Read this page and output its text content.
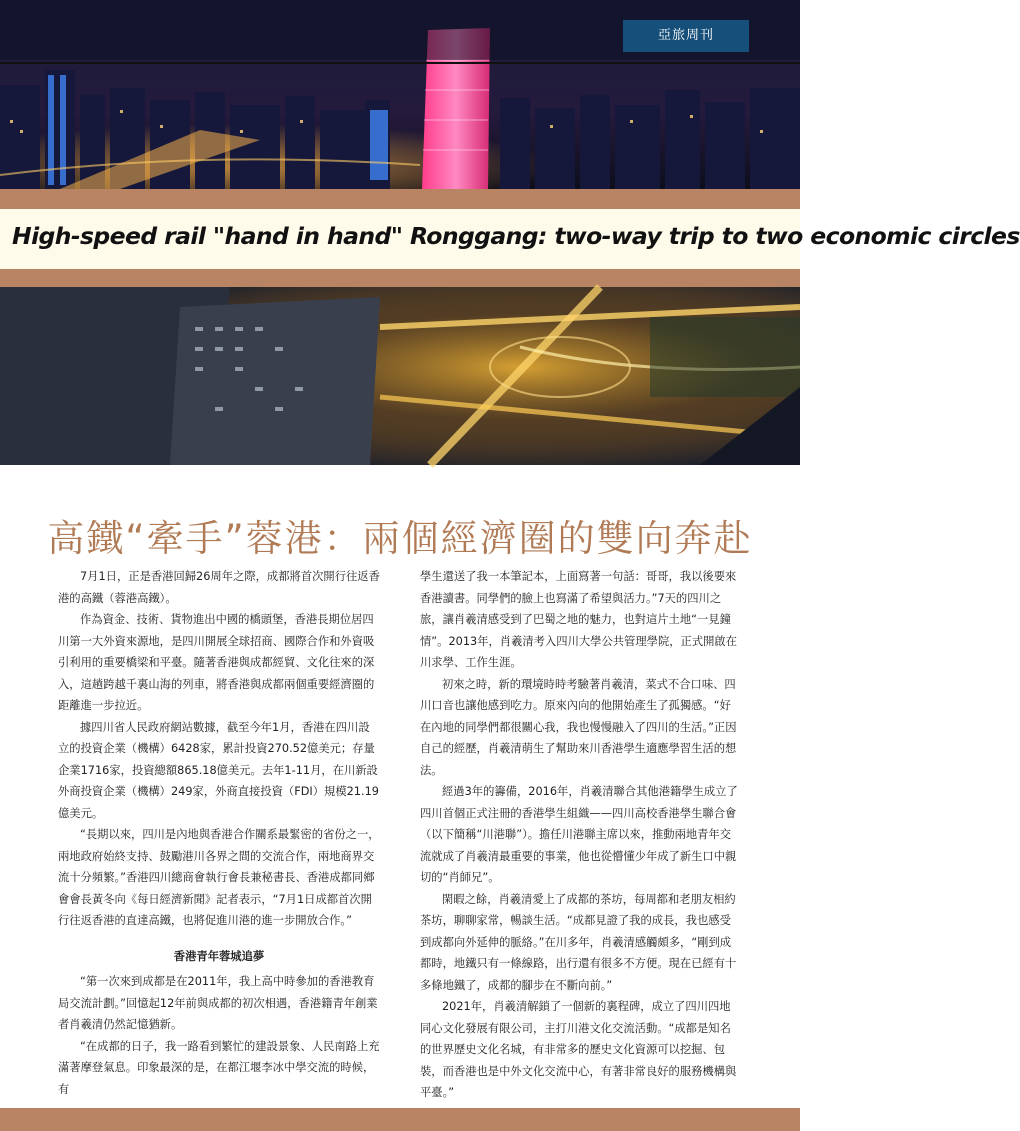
亞旅周刊
High-speed rail "hand in hand" Ronggang: two-way trip to two economic circles
高鐵“牽手”蓉港：兩個經濟圈的雙向奔赴

7月1日，正是香港回歸26周年之際，成都將首次開行往返香港的高鐵（蓉港高鐵）。

作為資金、技術、貨物進出中國的橋頭堡，香港長期位居四川第一大外資來源地，是四川開展全球招商、國際合作和外資吸引利用的重要橋梁和平臺。隨著香港與成都經貿、文化往來的深入，這趟跨越千裏山海的列車，將香港與成都兩個重要經濟圈的距離進一步拉近。

據四川省人民政府網站數據，截至今年1月，香港在四川設立的投資企業（機構）6428家，累計投資270.52億美元；存量企業1716家，投資總額865.18億美元。去年1-11月，在川新設外商投資企業（機構）249家，外商直接投資（FDI）規模21.19億美元。

“長期以來，四川是內地與香港合作關系最緊密的省份之一，兩地政府始終支持、鼓勵港川各界之間的交流合作，兩地商界交流十分頻繁。”香港四川總商會執行會長兼秘書長、香港成都同鄉會會長黃冬向《每日經濟新聞》記者表示，“7月1日成都首次開行往返香港的直達高鐵，也將促進川港的進一步開放合作。”

香港青年蓉城追夢

“第一次來到成都是在2011年，我上高中時參加的香港教育局交流計劃。”回憶起12年前與成都的初次相遇，香港籍青年創業者肖羲清仍然記憶猶新。

“在成都的日子，我一路看到繁忙的建設景象、人民南路上充滿著摩登氣息。印象最深的是，在都江堰李冰中學交流的時候，有

學生還送了我一本筆記本，上面寫著一句話：哥哥，我以後要來香港讀書。同學們的臉上也寫滿了希望與活力。”7天的四川之旅，讓肖羲清感受到了巴蜀之地的魅力，也對這片土地“一見鐘情”。2013年，肖羲清考入四川大學公共管理學院，正式開啟在川求學、工作生涯。

初來之時，新的環境時時考驗著肖羲清，菜式不合口味、四川口音也讓他感到吃力。原來內向的他開始產生了孤獨感。“好在內地的同學們都很關心我，我也慢慢融入了四川的生活。”正因自己的經歷，肖羲清萌生了幫助來川香港學生適應學習生活的想法。

經過3年的籌備，2016年，肖羲清聯合其他港籍學生成立了四川首個正式注冊的香港學生組織——四川高校香港學生聯合會（以下簡稱“川港聯”）。擔任川港聯主席以來，推動兩地青年交流就成了肖羲清最重要的事業，他也從懵懂少年成了新生口中親切的“肖師兄”。

閑暇之餘，肖羲清愛上了成都的茶坊，每周都和老朋友相約茶坊，聊聊家常，暢談生活。“成都見證了我的成長，我也感受到成都向外延伸的脈絡。”在川多年，肖羲清感觸頗多，“剛到成都時，地鐵只有一條線路，出行還有很多不方便。現在已經有十多條地鐵了，成都的腳步在不斷向前。”

2021年，肖羲清解鎖了一個新的裏程碑，成立了四川四地同心文化發展有限公司，主打川港文化交流活動。“成都是知名的世界歷史文化名城，有非常多的歷史文化資源可以挖掘、包裝，而香港也是中外文化交流中心，有著非常良好的服務機構與平臺。”
